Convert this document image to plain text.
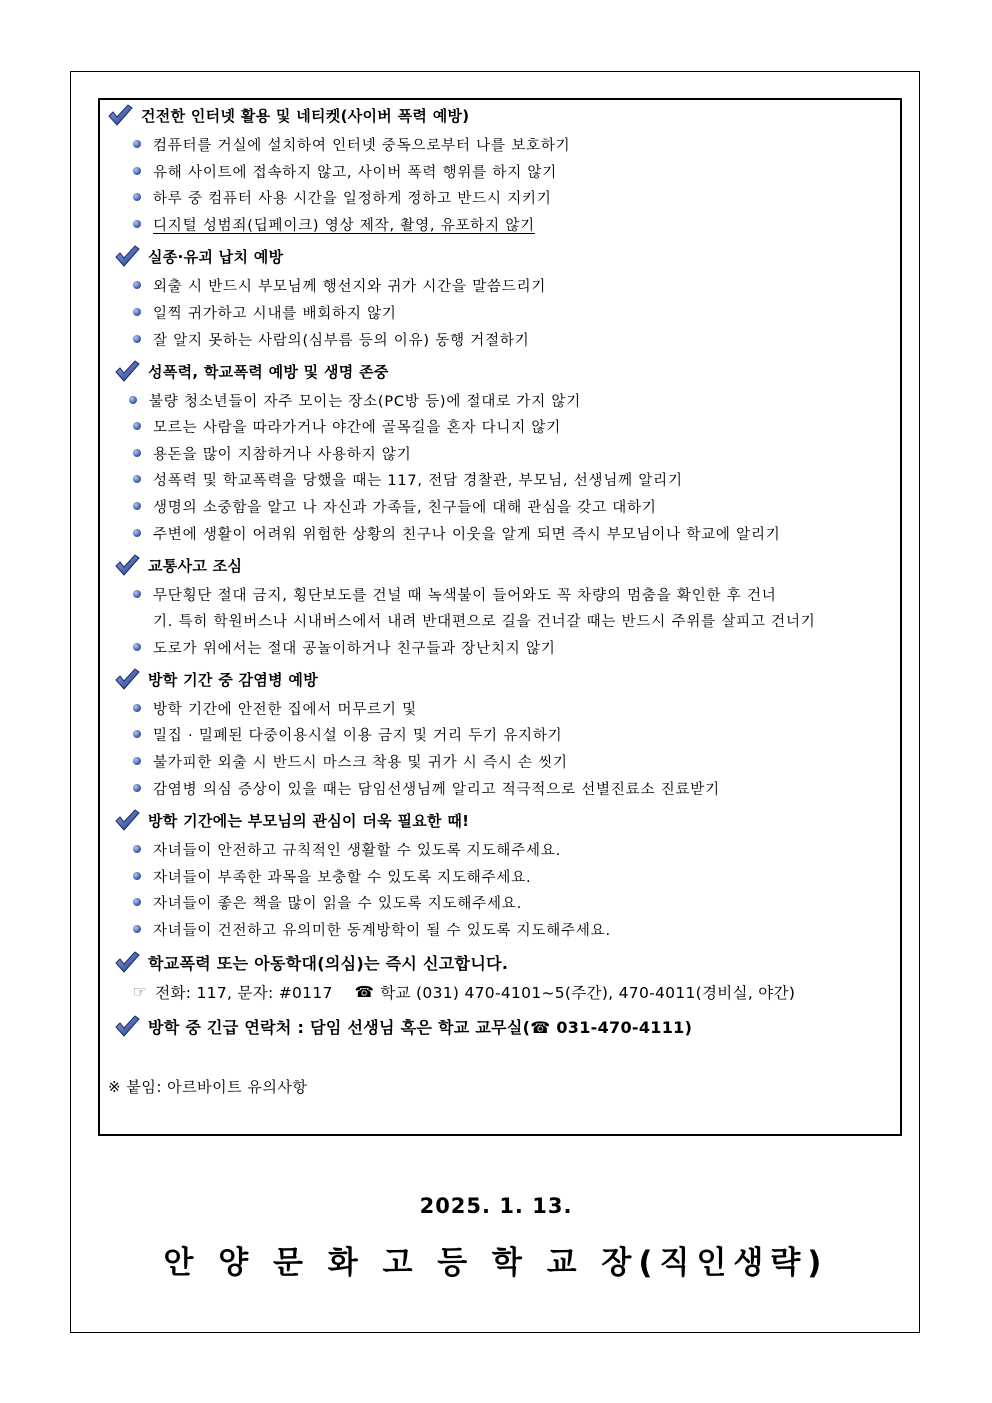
건전한 인터넷 활용 및 네티켓(사이버 폭력 예방)
컴퓨터를 거실에 설치하여 인터넷 중독으로부터 나를 보호하기
유해 사이트에 접속하지 않고, 사이버 폭력 행위를 하지 않기
하루 중 컴퓨터 사용 시간을 일정하게 정하고 반드시 지키기
디지털 성범죄(딥페이크) 영상 제작, 촬영, 유포하지 않기
실종·유괴 납치 예방
외출 시 반드시 부모님께 행선지와 귀가 시간을 말씀드리기
일찍 귀가하고 시내를 배회하지 않기
잘 알지 못하는 사람의(심부름 등의 이유) 동행 거절하기
성폭력, 학교폭력 예방 및 생명 존중
불량 청소년들이 자주 모이는 장소(PC방 등)에 절대로 가지 않기
모르는 사람을 따라가거나 야간에 골목길을 혼자 다니지 않기
용돈을 많이 지참하거나 사용하지 않기
성폭력 및 학교폭력을 당했을 때는 117, 전담 경찰관, 부모님, 선생님께 알리기
생명의 소중함을 알고 나 자신과 가족들, 친구들에 대해 관심을 갖고 대하기
주변에 생활이 어려워 위험한 상황의 친구나 이웃을 알게 되면 즉시 부모님이나 학교에 알리기
교통사고 조심
무단횡단 절대 금지, 횡단보도를 건널 때 녹색불이 들어와도 꼭 차량의 멈춤을 확인한 후 건너
기. 특히 학원버스나 시내버스에서 내려 반대편으로 길을 건너갈 때는 반드시 주위를 살피고 건너기
도로가 위에서는 절대 공놀이하거나 친구들과 장난치지 않기
방학 기간 중 감염병 예방
방학 기간에 안전한 집에서 머무르기 및
밀집 · 밀폐된 다중이용시설 이용 금지 및 거리 두기 유지하기
불가피한 외출 시 반드시 마스크 착용 및 귀가 시 즉시 손 씻기
감염병 의심 증상이 있을 때는 담임선생님께 알리고 적극적으로 선별진료소 진료받기
방학 기간에는 부모님의 관심이 더욱 필요한 때!
자녀들이 안전하고 규칙적인 생활할 수 있도록 지도해주세요.
자녀들이 부족한 과목을 보충할 수 있도록 지도해주세요.
자녀들이 좋은 책을 많이 읽을 수 있도록 지도해주세요.
자녀들이 건전하고 유의미한 동계방학이 될 수 있도록 지도해주세요.
학교폭력 또는 아동학대(의심)는 즉시 신고합니다.
☞ 전화: 117, 문자: #0117 ☎ 학교 (031) 470-4101~5(주간), 470-4011(경비실, 야간)
방학 중 긴급 연락처 : 담임 선생님 혹은 학교 교무실(☎ 031-470-4111)
※ 붙임: 아르바이트 유의사항
2025. 1. 13.
안 양 문 화 고 등 학 교 장(직인생략)
